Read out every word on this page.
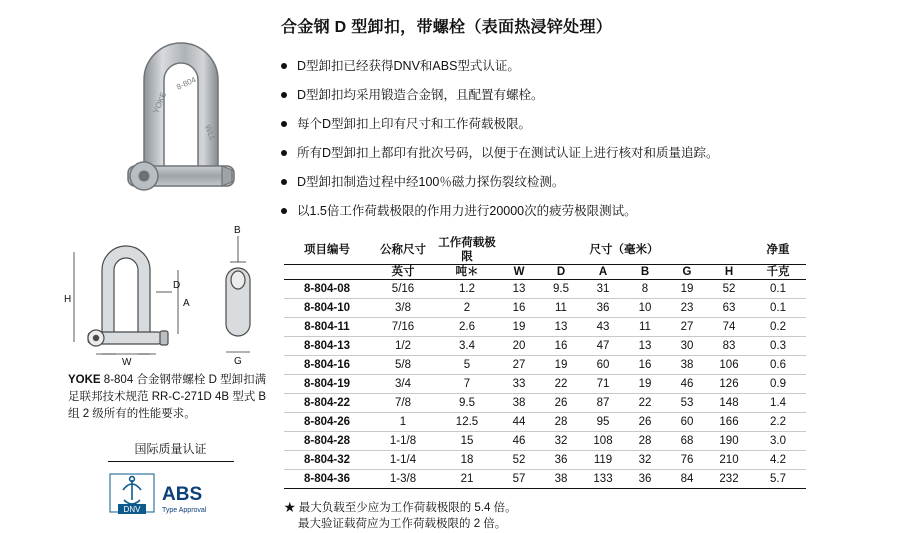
YOKE
8-804
WLL
合金钢 D 型卸扣，带螺栓（表面热浸锌处理）
D型卸扣已经获得DNV和ABS型式认证。
D型卸扣均采用锻造合金钢，且配置有螺栓。
每个D型卸扣上印有尺寸和工作荷载极限。
所有D型卸扣上都印有批次号码，以便于在测试认证上进行核对和质量追踪。
D型卸扣制造过程中经100％磁力探伤裂纹检测。
以1.5倍工作荷载极限的作用力进行20000次的疲劳极限测试。
B
A
H
D
W	G
YOKE 8-804 合金钢带螺栓 D 型卸扣满足联邦技术规范 RR-C-271D 4B 型式 B 组 2 级所有的性能要求。
国际质量认证
DNV
ABS
Type Approval
项目编号	公称尺寸	工作荷载极限	尺寸（毫米）						净重
	英寸	吨＊	W	D	A	B	G	H	千克
8-804-08	5/16	1.2	13	9.5	31	8	19	52	0.1
8-804-10	3/8	2	16	11	36	10	23	63	0.1
8-804-11	7/16	2.6	19	13	43	11	27	74	0.2
8-804-13	1/2	3.4	20	16	47	13	30	83	0.3
8-804-16	5/8	5	27	19	60	16	38	106	0.6
8-804-19	3/4	7	33	22	71	19	46	126	0.9
8-804-22	7/8	9.5	38	26	87	22	53	148	1.4
8-804-26	1	12.5	44	28	95	26	60	166	2.2
8-804-28	1‑1/8	15	46	32	108	28	68	190	3.0
8-804-32	1‑1/4	18	52	36	119	32	76	210	4.2
8-804-36	1‑3/8	21	57	38	133	36	84	232	5.7
★ 最大负载至少应为工作荷载极限的 5.4 倍。
最大验证载荷应为工作荷载极限的 2 倍。
